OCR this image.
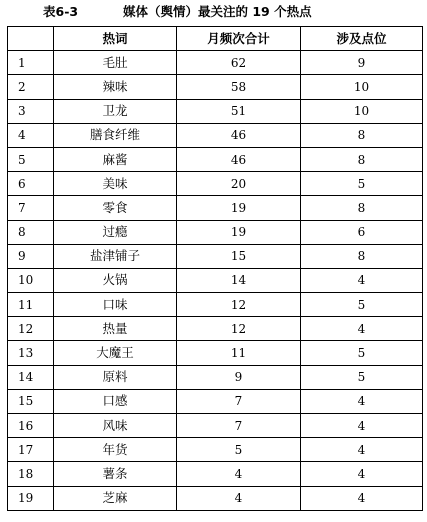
表6-3	媒体（舆情）最关注的 19 个热点
	热词	月频次合计	涉及点位
1	毛肚	62	9
2	辣味	58	10
3	卫龙	51	10
4	膳食纤维	46	8
5	麻酱	46	8
6	美味	20	5
7	零食	19	8
8	过瘾	19	6
9	盐津铺子	15	8
10	火锅	14	4
11	口味	12	5
12	热量	12	4
13	大魔王	11	5
14	原料	9	5
15	口感	7	4
16	风味	7	4
17	年货	5	4
18	薯条	4	4
19	芝麻	4	4
